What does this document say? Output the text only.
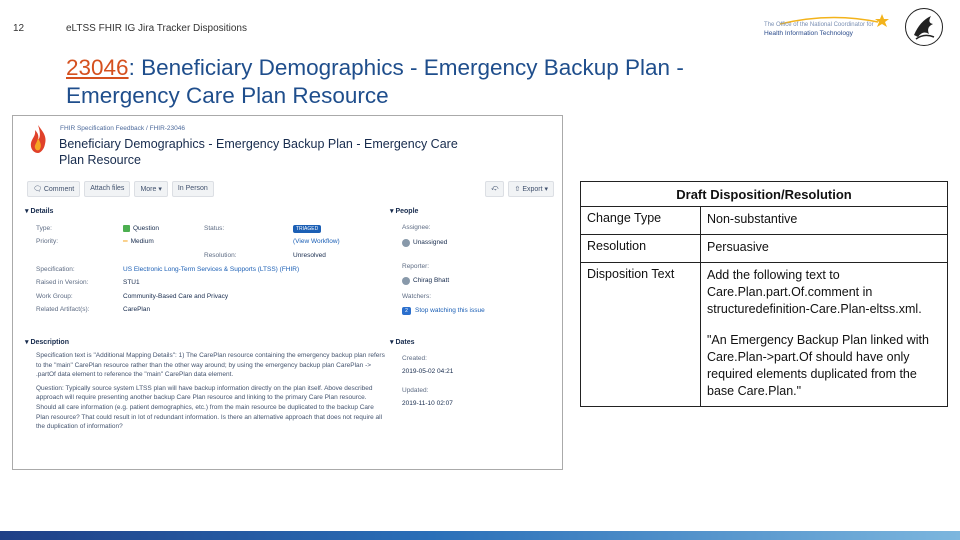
12	eLTSS FHIR IG Jira Tracker Dispositions	The Office of the National Coordinator for
Health Information Technology
23046: Beneficiary Demographics - Emergency Backup Plan - Emergency Care Plan Resource
FHIR Specification Feedback / FHIR-23046
Beneficiary Demographics - Emergency Backup Plan - Emergency Care Plan Resource
🗨 Comment	Attach files	More ▾	In Person	⤽	⇧ Export ▾
▾ Details
Type:	Question	Status:	TRIAGED
Priority:	═ Medium	(View Workflow)
Resolution:	Unresolved
Specification:	US Electronic Long-Term Services & Supports (LTSS) (FHIR)
Raised in Version:	STU1
Work Group:	Community-Based Care and Privacy
Related Artifact(s):	CarePlan
▾ People
Assignee:
Unassigned
Reporter:
Chirag Bhatt
Watchers:
2	Stop watching this issue
▾ Dates
Created:
2019-05-02 04:21
Updated:
2019-11-10 02:07
▾ Description

Specification text is "Additional Mapping Details": 1) The CarePlan resource containing the emergency backup plan refers to the "main" CarePlan resource rather than the other way around; by using the emergency backup plan CarePlan -> .partOf data element to reference the "main" CarePlan data element.

Question: Typically source system LTSS plan will have backup information directly on the plan itself. Above described approach will require presenting another backup Care Plan resource and linking to the primary Care Plan resource. Should all care information (e.g. patient demographics, etc.) from the main resource be duplicated to the backup Care Plan resource? That could result in lot of redundant information. Is there an alternative approach that does not require all the duplication of information?

Draft Disposition/Resolution	
Change Type	Non-substantive
Resolution	Persuasive
Disposition Text	Add the following text to Care.Plan.part.Of.comment in structuredefinition-Care.Plan-eltss.xml.
"An Emergency Backup Plan linked with Care.Plan->part.Of should have only required elements duplicated from the base Care.Plan."
